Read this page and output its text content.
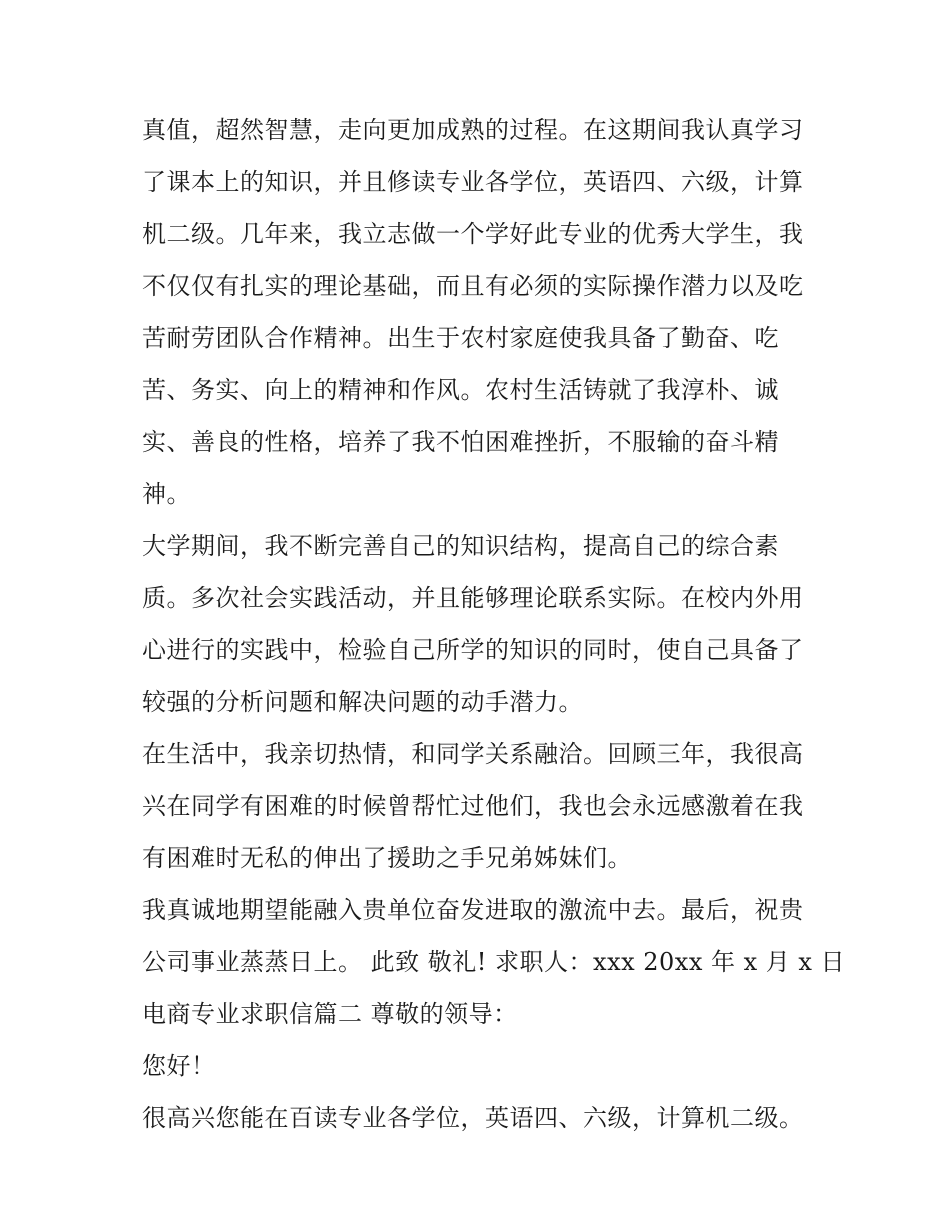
真值，超然智慧，走向更加成熟的过程。在这期间我认真学习
了课本上的知识，并且修读专业各学位，英语四、六级，计算
机二级。几年来，我立志做一个学好此专业的优秀大学生，我
不仅仅有扎实的理论基础，而且有必须的实际操作潜力以及吃
苦耐劳团队合作精神。出生于农村家庭使我具备了勤奋、吃
苦、务实、向上的精神和作风。农村生活铸就了我淳朴、诚
实、善良的性格，培养了我不怕困难挫折，不服输的奋斗精
神。
大学期间，我不断完善自己的知识结构，提高自己的综合素
质。多次社会实践活动，并且能够理论联系实际。在校内外用
心进行的实践中，检验自己所学的知识的同时，使自己具备了
较强的分析问题和解决问题的动手潜力。
在生活中，我亲切热情，和同学关系融洽。回顾三年，我很高
兴在同学有困难的时候曾帮忙过他们，我也会永远感激着在我
有困难时无私的伸出了援助之手兄弟姊妹们。
我真诚地期望能融入贵单位奋发进取的激流中去。最后，祝贵
公司事业蒸蒸日上。 此致 敬礼! 求职人：xxx 20xx 年 x 月 x 日
电商专业求职信篇二 尊敬的领导：
您好！
很高兴您能在百读专业各学位，英语四、六级，计算机二级。
